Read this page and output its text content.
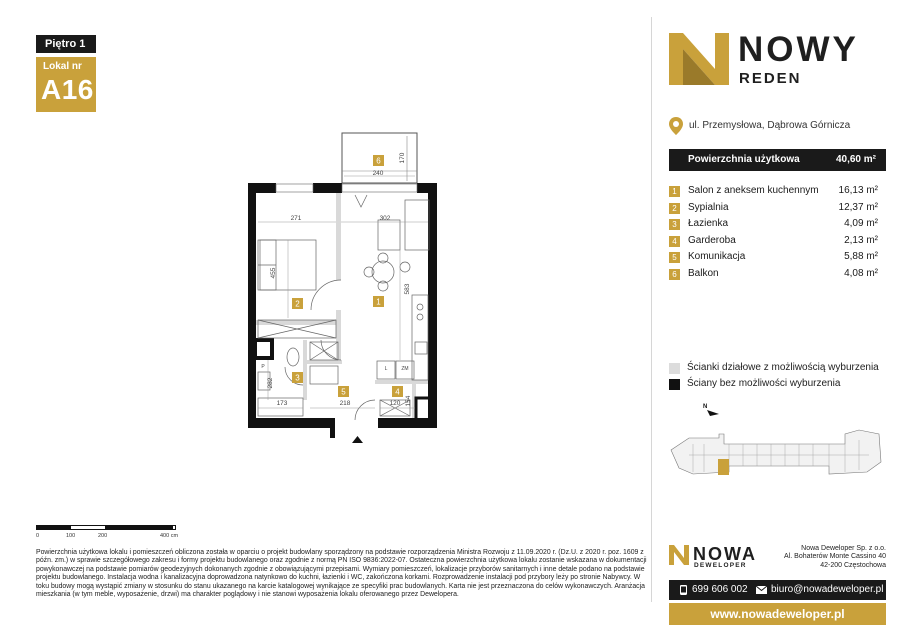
Piętro 1
Lokal nr
A16
240
170
271	302
455
583
282
173	218	120 154
L	ZM
P
6
1
2
3
5	4
0	100	200	400 cm

Powierzchnia użytkowa lokalu i pomieszczeń obliczona została w oparciu o projekt budowlany sporządzony na podstawie rozporządzenia Ministra Rozwoju z 11.09.2020 r. (Dz.U. z 2020 r. poz. 1609 z późn. zm.) w sprawie szczegółowego zakresu i formy projektu budowlanego oraz zgodnie z normą PN ISO 9836:2022-07. Ostateczna powierzchnia użytkowa lokalu zostanie wskazana w dokumentacji powykonawczej na podstawie pomiarów geodezyjnych dokonanych zgodnie z obowiązującymi przepisami. Wymiary pomieszczeń, lokalizacje przyborów sanitarnych i inne detale podano na podstawie projektu budowlanego. Instalacja wodna i kanalizacyjna doprowadzona natynkowo do kuchni, łazienki i WC, zakończona korkami. Rozprowadzenie instalacji pod przybory leży po stronie Nabywcy. W toku budowy mogą wystąpić zmiany w stosunku do stanu ukazanego na karcie katalogowej wynikające ze specyfiki prac budowlanych. Karta nie jest przeznaczona do celów wykonawczych. Aranżacja mieszkania (w tym meble, wyposażenie, drzwi) ma charakter poglądowy i nie stanowi wyposażenia lokalu oferowanego przez Dewelopera.

NOWY
REDEN
ul. Przemysłowa, Dąbrowa Górnicza
Powierzchnia użytkowa	40,60 m²
1	Salon z aneksem kuchennym 16,13 m²
2	Sypialnia	12,37 m²
3	Łazienka	4,09 m²
4	Garderoba	2,13 m²
5	Komunikacja	5,88 m²
6	Balkon	4,08 m²
Ścianki działowe z możliwością wyburzenia
Ściany bez możliwości wyburzenia
N
NOWA
DEWELOPER
Nowa Deweloper Sp. z o.o.
Al. Bohaterów Monte Cassino 40
42-200 Częstochowa
699 606 002 biuro@nowadeweloper.pl
www.nowadeweloper.pl
